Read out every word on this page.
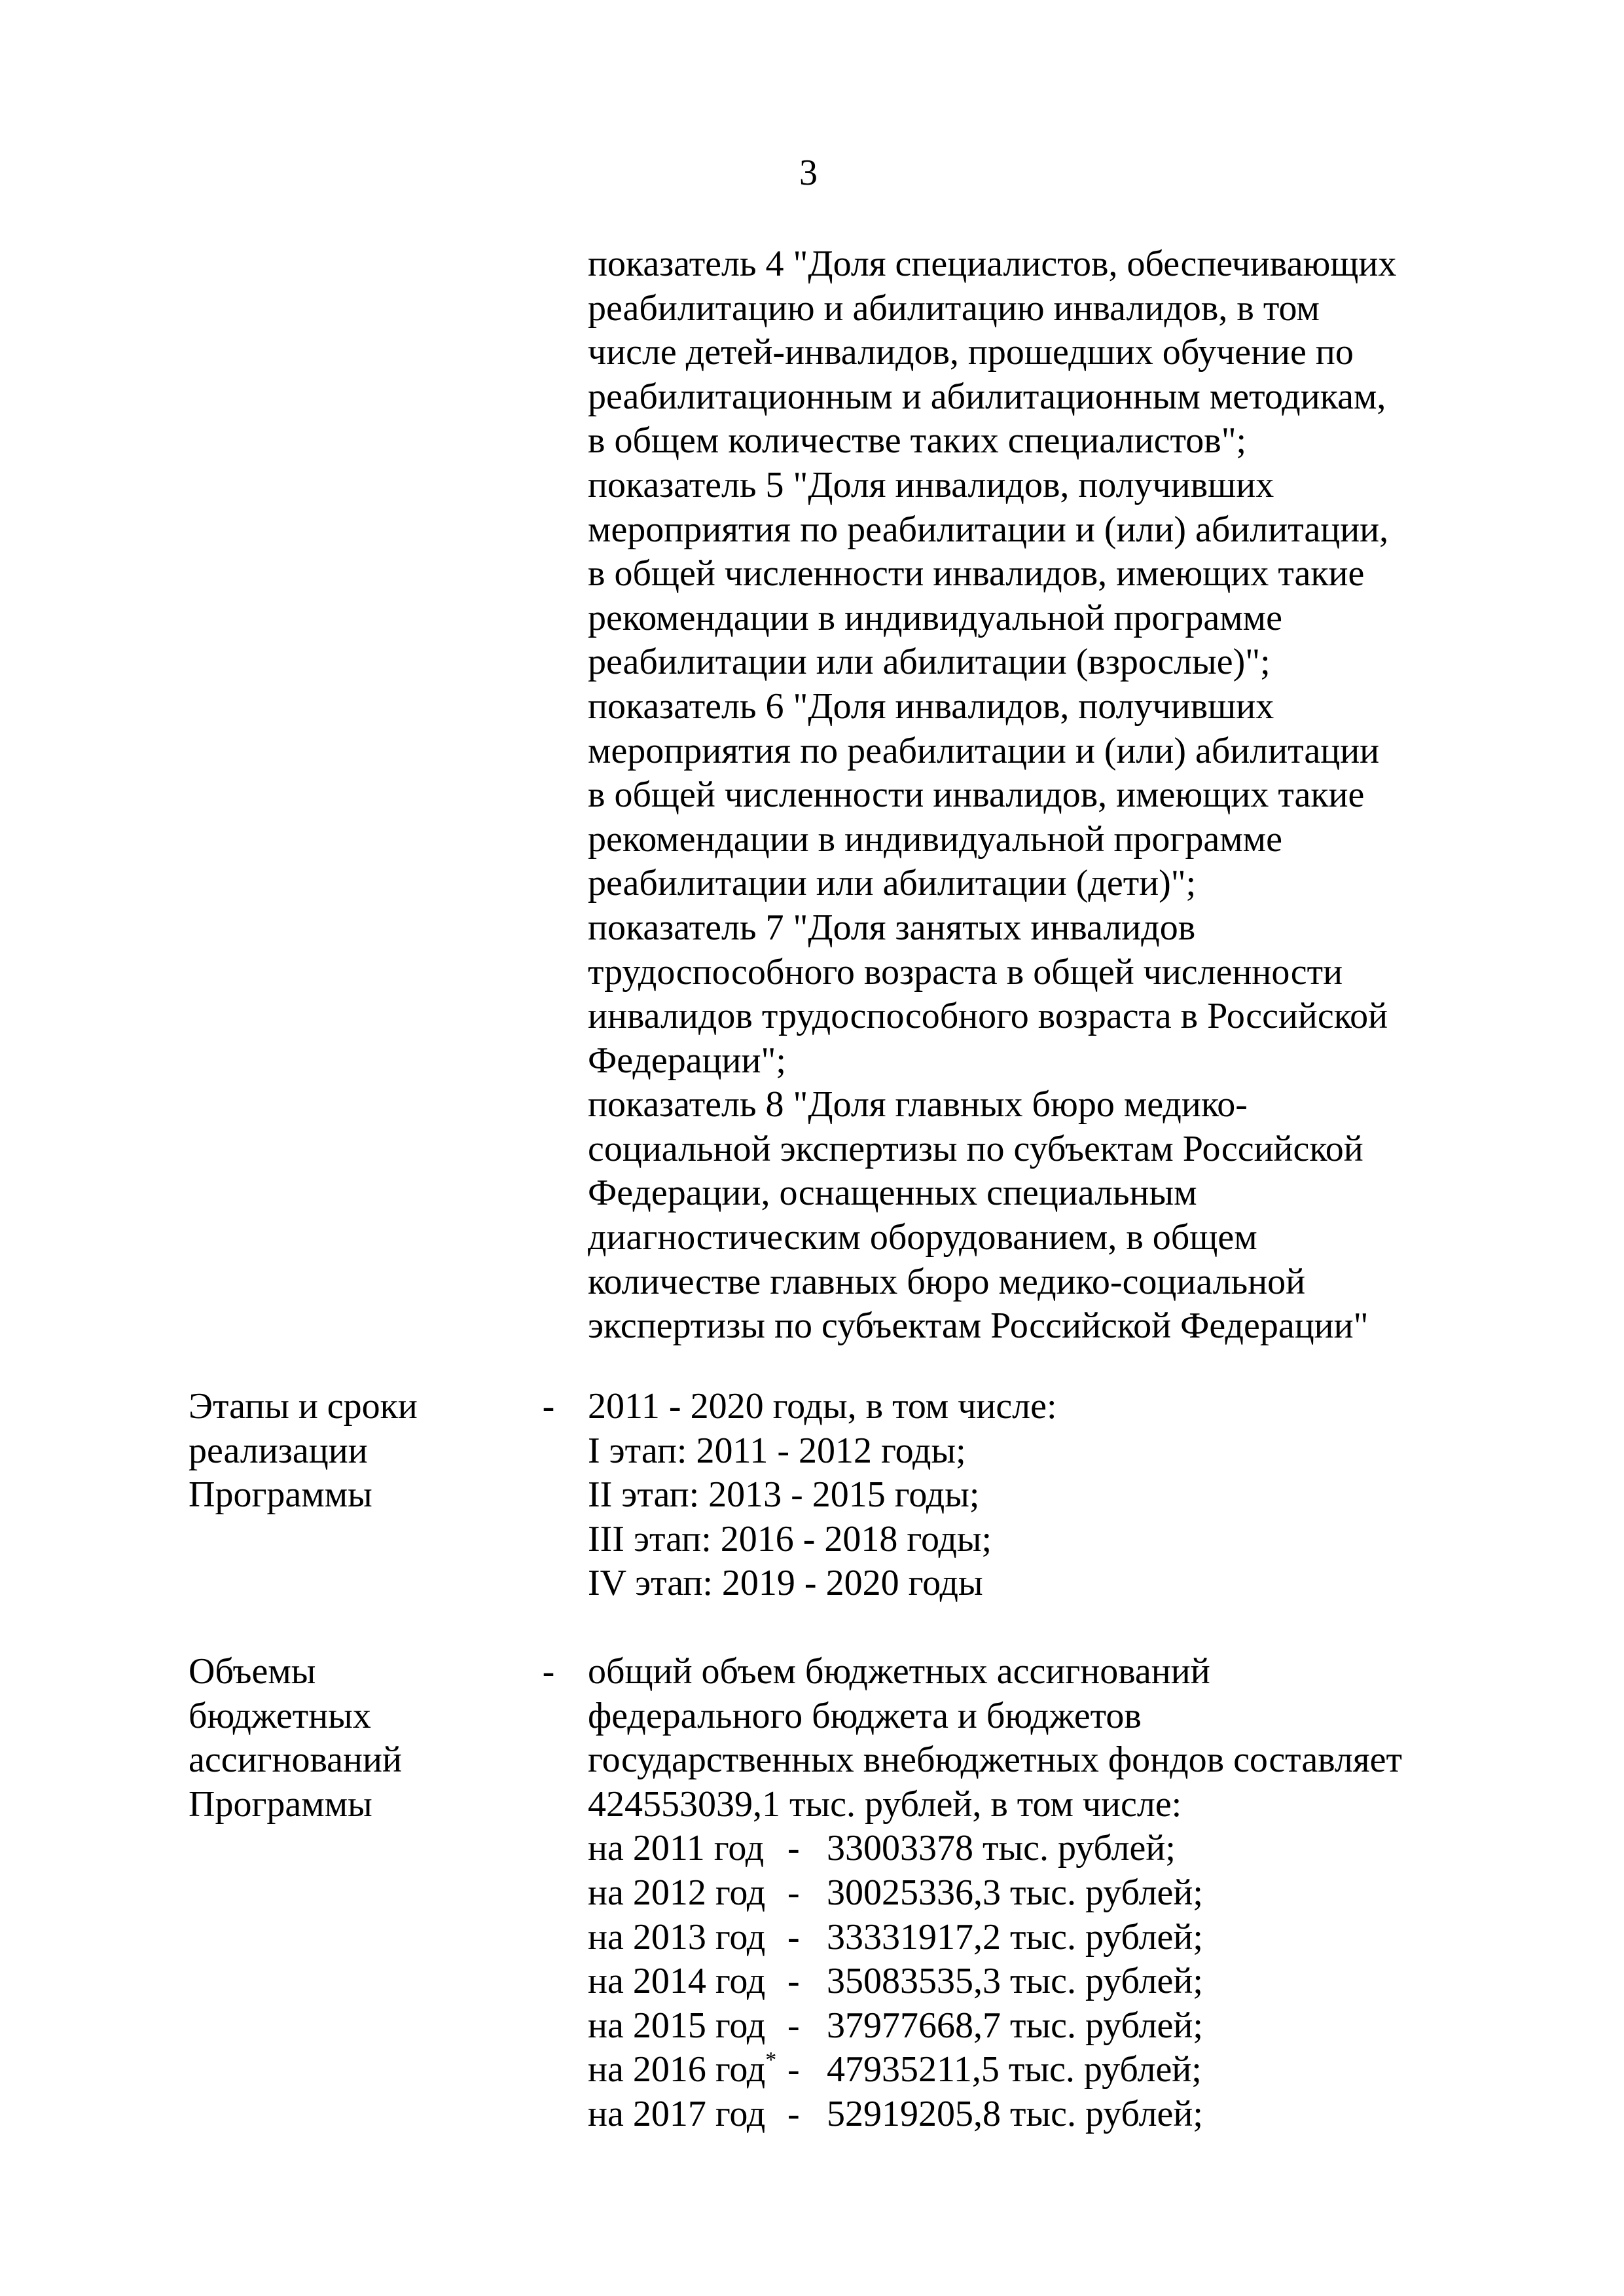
3
показатель 4 "Доля специалистов, обеспечивающих
реабилитацию и абилитацию инвалидов, в том
числе детей-инвалидов, прошедших обучение по
реабилитационным и абилитационным методикам,
в общем количестве таких специалистов";
показатель 5 "Доля инвалидов, получивших
мероприятия по реабилитации и (или) абилитации,
в общей численности инвалидов, имеющих такие
рекомендации в индивидуальной программе
реабилитации или абилитации (взрослые)";
показатель 6 "Доля инвалидов, получивших
мероприятия по реабилитации и (или) абилитации
в общей численности инвалидов, имеющих такие
рекомендации в индивидуальной программе
реабилитации или абилитации (дети)";
показатель 7 "Доля занятых инвалидов
трудоспособного возраста в общей численности
инвалидов трудоспособного возраста в Российской
Федерации";
показатель 8 "Доля главных бюро медико-
социальной экспертизы по субъектам Российской
Федерации, оснащенных специальным
диагностическим оборудованием, в общем
количестве главных бюро медико-социальной
экспертизы по субъектам Российской Федерации"
Этапы и сроки
реализации
Программы
- 2011 - 2020 годы, в том числе:
I этап: 2011 - 2012 годы;
II этап: 2013 - 2015 годы;
III этап: 2016 - 2018 годы;
IV этап: 2019 - 2020 годы
Объемы
бюджетных
ассигнований
Программы
- общий объем бюджетных ассигнований
федерального бюджета и бюджетов
государственных внебюджетных фондов составляет
424553039,1 тыс. рублей, в том числе:
на 2011 год - 33003378 тыс. рублей;
на 2012 год - 30025336,3 тыс. рублей;
на 2013 год - 33331917,2 тыс. рублей;
на 2014 год - 35083535,3 тыс. рублей;
на 2015 год - 37977668,7 тыс. рублей;
на 2016 год* - 47935211,5 тыс. рублей;
на 2017 год - 52919205,8 тыс. рублей;
